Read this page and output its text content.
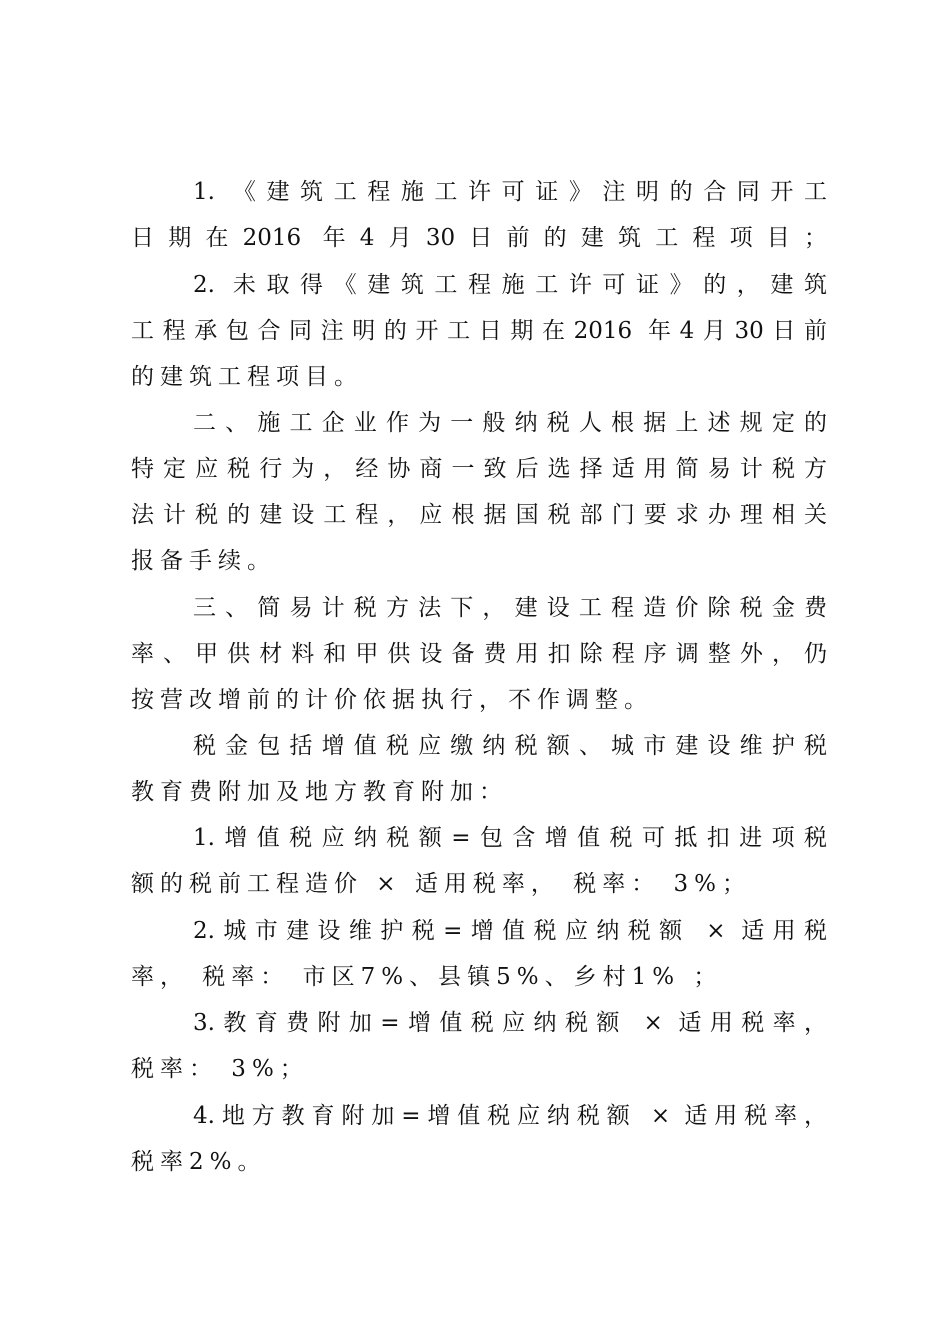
1. 《建筑工程施工许可证》注明的合同开工
日期在2016 年4月30日前的建筑工程项目；
2. 未取得《建筑工程施工许可证》的，建筑
工程承包合同注明的开工日期在2016 年4月30日前
的建筑工程项目。
二、施工企业作为一般纳税人根据上述规定的
特定应税行为，经协商一致后选择适用简易计税方
法计税的建设工程，应根据国税部门要求办理相关
报备手续。
三、简易计税方法下，建设工程造价除税金费
率、甲供材料和甲供设备费用扣除程序调整外，仍
按营改增前的计价依据执行，不作调整。
税金包括增值税应缴纳税额、城市建设维护税
教育费附加及地方教育附加：
1.增值税应纳税额=包含增值税可抵扣进项税
额的税前工程造价 × 适用税率， 税率： 3%；
2.城市建设维护税=增值税应纳税额 × 适用税
率， 税率： 市区7%、县镇5%、乡村1% ；
3.教育费附加=增值税应纳税额 × 适用税率，
税率： 3%；
4.地方教育附加=增值税应纳税额 × 适用税率，
税率2%。
